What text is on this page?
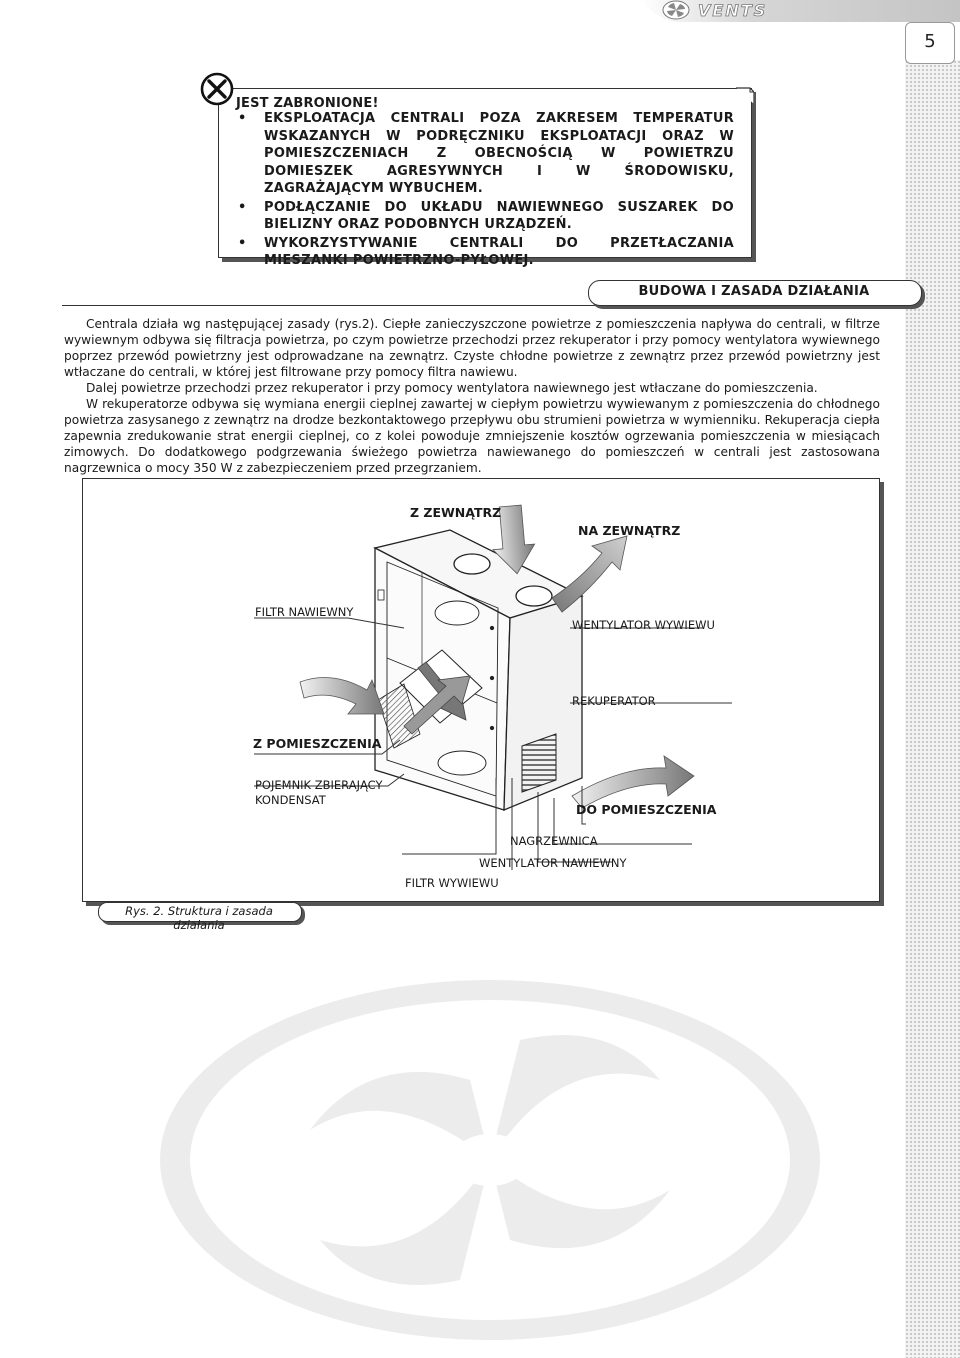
VENTS
5
JEST ZABRONIONE!
• EKSPLOATACJA CENTRALI POZA ZAKRESEM TEMPERATUR WSKAZANYCH W PODRĘCZNIKU EKSPLOATACJI ORAZ W POMIESZCZENIACH Z OBECNOŚCIĄ W POWIETRZU DOMIESZEK AGRESYWNYCH I W ŚRODOWISKU, ZAGRAŻAJĄCYM WYBUCHEM.
• PODŁĄCZANIE DO UKŁADU NAWIEWNEGO SUSZAREK DO BIELIZNY ORAZ PODOBNYCH URZĄDZEŃ.
• WYKORZYSTYWANIE CENTRALI DO PRZETŁACZANIA MIESZANKI POWIETRZNO-PYŁOWEJ.
BUDOWA I ZASADA DZIAŁANIA

Centrala działa wg następującej zasady (rys.2). Ciepłe zanieczyszczone powietrze z pomieszczenia napływa do centrali, w filtrze wywiewnym odbywa się filtracja powietrza, po czym powietrze przechodzi przez rekuperator i przy pomocy wentylatora wywiewnego poprzez przewód powietrzny jest odprowadzane na zewnątrz. Czyste chłodne powietrze z zewnątrz przez przewód powietrzny jest wtłaczane do centrali, w której jest filtrowane przy pomocy filtra nawiewu.

Dalej powietrze przechodzi przez rekuperator i przy pomocy wentylatora nawiewnego jest wtłaczane do pomieszczenia.

W rekuperatorze odbywa się wymiana energii cieplnej zawartej w ciepłym powietrzu wywiewanym z pomieszczenia do chłodnego powietrza zasysanego z zewnątrz na drodze bezkontaktowego przepływu obu strumieni powietrza w wymienniku. Rekuperacja ciepła zapewnia zredukowanie strat energii cieplnej, co z kolei powoduje zmniejszenie kosztów ogrzewania pomieszczenia w miesiącach zimowych. Do dodatkowego podgrzewania świeżego powietrza nawiewanego do pomieszczeń w centrali jest zastosowana nagrzewnica o mocy 350 W z zabezpieczeniem przed przegrzaniem.

Z ZEWNĄTRZ
NA ZEWNĄTRZ
FILTR NAWIEWNY
WENTYLATOR WYWIEWU
REKUPERATOR
Z POMIESZCZENIA
POJEMNIK ZBIERAJĄCY
KONDENSAT
DO POMIESZCZENIA
NAGRZEWNICA
WENTYLATOR NAWIEWNY
FILTR WYWIEWU
Rys. 2. Struktura i zasada działania
